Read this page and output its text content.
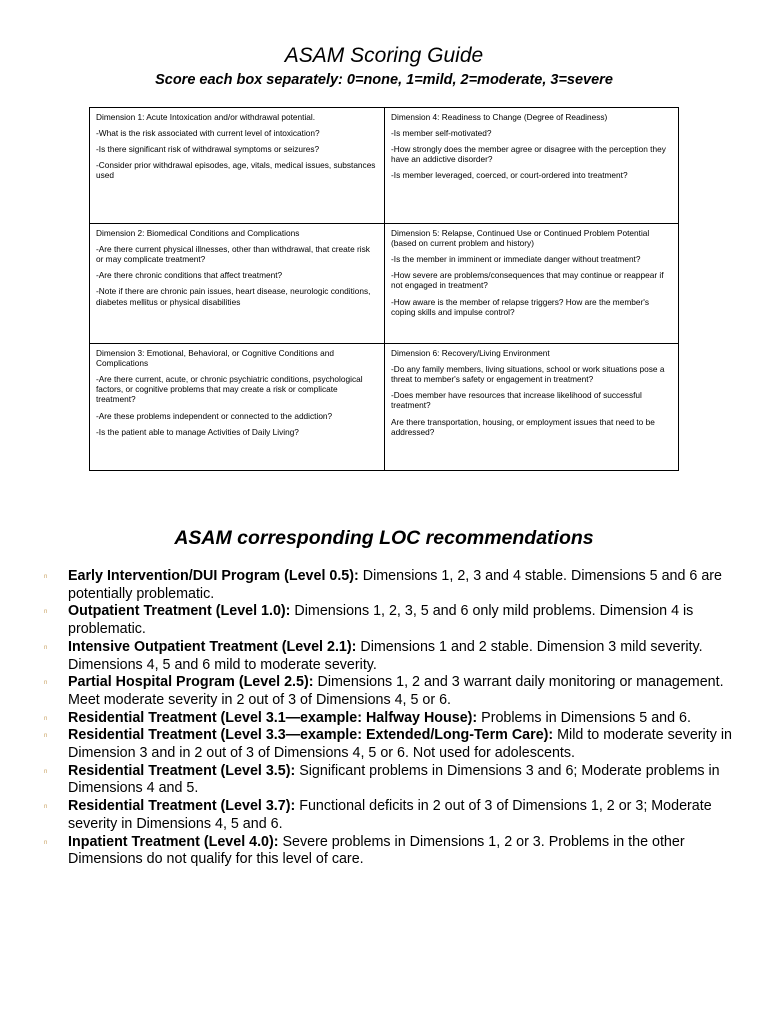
ASAM Scoring Guide

Score each box separately: 0=none, 1=mild, 2=moderate, 3=severe

Dimension 1: Acute Intoxication and/or withdrawal potential.

-What is the risk associated with current level of intoxication?

-Is there significant risk of withdrawal symptoms or seizures?

-Consider prior withdrawal episodes, age, vitals, medical issues, substances used

Dimension 4: Readiness to Change (Degree of Readiness)

-Is member self-motivated?

-How strongly does the member agree or disagree with the perception they have an addictive disorder?

-Is member leveraged, coerced, or court-ordered into treatment?

Dimension 2: Biomedical Conditions and Complications

-Are there current physical illnesses, other than withdrawal, that create risk or may complicate treatment?

-Are there chronic conditions that affect treatment?

-Note if there are chronic pain issues, heart disease, neurologic conditions, diabetes mellitus or physical disabilities

Dimension 5: Relapse, Continued Use or Continued Problem Potential (based on current problem and history)

-Is the member in imminent or immediate danger without treatment?

-How severe are problems/consequences that may continue or reappear if not engaged in treatment?

-How aware is the member of relapse triggers? How are the member's coping skills and impulse control?

Dimension 3: Emotional, Behavioral, or Cognitive Conditions and Complications

-Are there current, acute, or chronic psychiatric conditions, psychological factors, or cognitive problems that may create a risk or complicate treatment?

-Are these problems independent or connected to the addiction?

-Is the patient able to manage Activities of Daily Living?

Dimension 6: Recovery/Living Environment

-Do any family members, living situations, school or work situations pose a threat to member's safety or engagement in treatment?

-Does member have resources that increase likelihood of successful treatment?

Are there transportation, housing, or employment issues that need to be addressed?

ASAM corresponding LOC recommendations
n Early Intervention/DUI Program (Level 0.5): Dimensions 1, 2, 3 and 4 stable. Dimensions 5 and 6 are potentially problematic.
n Outpatient Treatment (Level 1.0): Dimensions 1, 2, 3, 5 and 6 only mild problems. Dimension 4 is problematic.
n Intensive Outpatient Treatment (Level 2.1): Dimensions 1 and 2 stable. Dimension 3 mild severity. Dimensions 4, 5 and 6 mild to moderate severity.
n Partial Hospital Program (Level 2.5): Dimensions 1, 2 and 3 warrant daily monitoring or management. Meet moderate severity in 2 out of 3 of Dimensions 4, 5 or 6.
n Residential Treatment (Level 3.1—example: Halfway House): Problems in Dimensions 5 and 6.
n Residential Treatment (Level 3.3—example: Extended/Long-Term Care): Mild to moderate severity in Dimension 3 and in 2 out of 3 of Dimensions 4, 5 or 6. Not used for adolescents.
n Residential Treatment (Level 3.5): Significant problems in Dimensions 3 and 6; Moderate problems in Dimensions 4 and 5.
n Residential Treatment (Level 3.7): Functional deficits in 2 out of 3 of Dimensions 1, 2 or 3; Moderate severity in Dimensions 4, 5 and 6.
n Inpatient Treatment (Level 4.0): Severe problems in Dimensions 1, 2 or 3. Problems in the other Dimensions do not qualify for this level of care.
